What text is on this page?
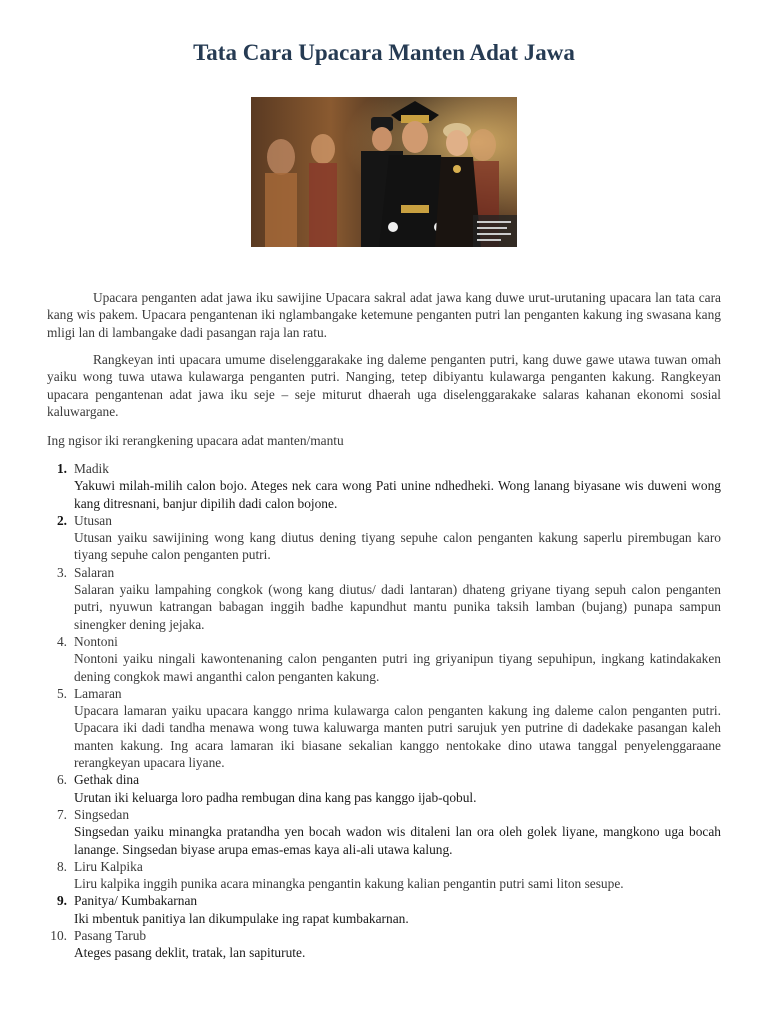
Tata Cara Upacara Manten Adat Jawa

Upacara penganten adat jawa iku sawijine Upacara sakral adat jawa kang duwe urut-urutaning upacara lan tata cara kang wis pakem. Upacara pengantenan iki nglambangake ketemune penganten putri lan penganten kakung ing swasana kang mligi lan di lambangake dadi pasangan raja lan ratu.

Rangkeyan inti upacara umume diselenggarakake ing daleme penganten putri, kang duwe gawe utawa tuwan omah yaiku wong tuwa utawa kulawarga penganten putri. Nanging, tetep dibiyantu kulawarga penganten kakung. Rangkeyan upacara pengantenan adat jawa iku seje – seje miturut dhaerah uga diselenggarakake salaras kahanan ekonomi sosial kaluwargane.

Ing ngisor iki rerangkening upacara adat manten/mantu

1. Madik
Yakuwi milah-milih calon bojo. Ateges nek cara wong Pati unine ndhedheki. Wong lanang biyasane wis duweni wong kang ditresnani, banjur dipilih dadi calon bojone.
2. Utusan
Utusan yaiku sawijining wong kang diutus dening tiyang sepuhe calon penganten kakung saperlu pirembugan karo tiyang sepuhe calon penganten putri.
3. Salaran
Salaran yaiku lampahing congkok (wong kang diutus/ dadi lantaran) dhateng griyane tiyang sepuh calon penganten putri, nyuwun katrangan babagan inggih badhe kapundhut mantu punika taksih lamban (bujang) punapa sampun sinengker dening jejaka.
4. Nontoni
Nontoni yaiku ningali kawontenaning calon penganten putri ing griyanipun tiyang sepuhipun, ingkang katindakaken dening congkok mawi anganthi calon penganten kakung.
5. Lamaran
Upacara lamaran yaiku upacara kanggo nrima kulawarga calon penganten kakung ing daleme calon penganten putri. Upacara iki dadi tandha menawa wong tuwa kaluwarga manten putri sarujuk yen putrine di dadekake pasangan kaleh manten kakung. Ing acara lamaran iki biasane sekalian kanggo nentokake dino utawa tanggal penyelenggaraane rerangkeyan upacara liyane.
6. Gethak dina
Urutan iki keluarga loro padha rembugan dina kang pas kanggo ijab-qobul.
7. Singsedan
Singsedan yaiku minangka pratandha yen bocah wadon wis ditaleni lan ora oleh golek liyane, mangkono uga bocah lanange. Singsedan biyase arupa emas-emas kaya ali-ali utawa kalung.
8. Liru Kalpika
Liru kalpika inggih punika acara minangka pengantin kakung kalian pengantin putri sami liton sesupe.
9. Panitya/ Kumbakarnan
Iki mbentuk panitiya lan dikumpulake ing rapat kumbakarnan.
10. Pasang Tarub
Ateges pasang deklit, tratak, lan sapiturute.
